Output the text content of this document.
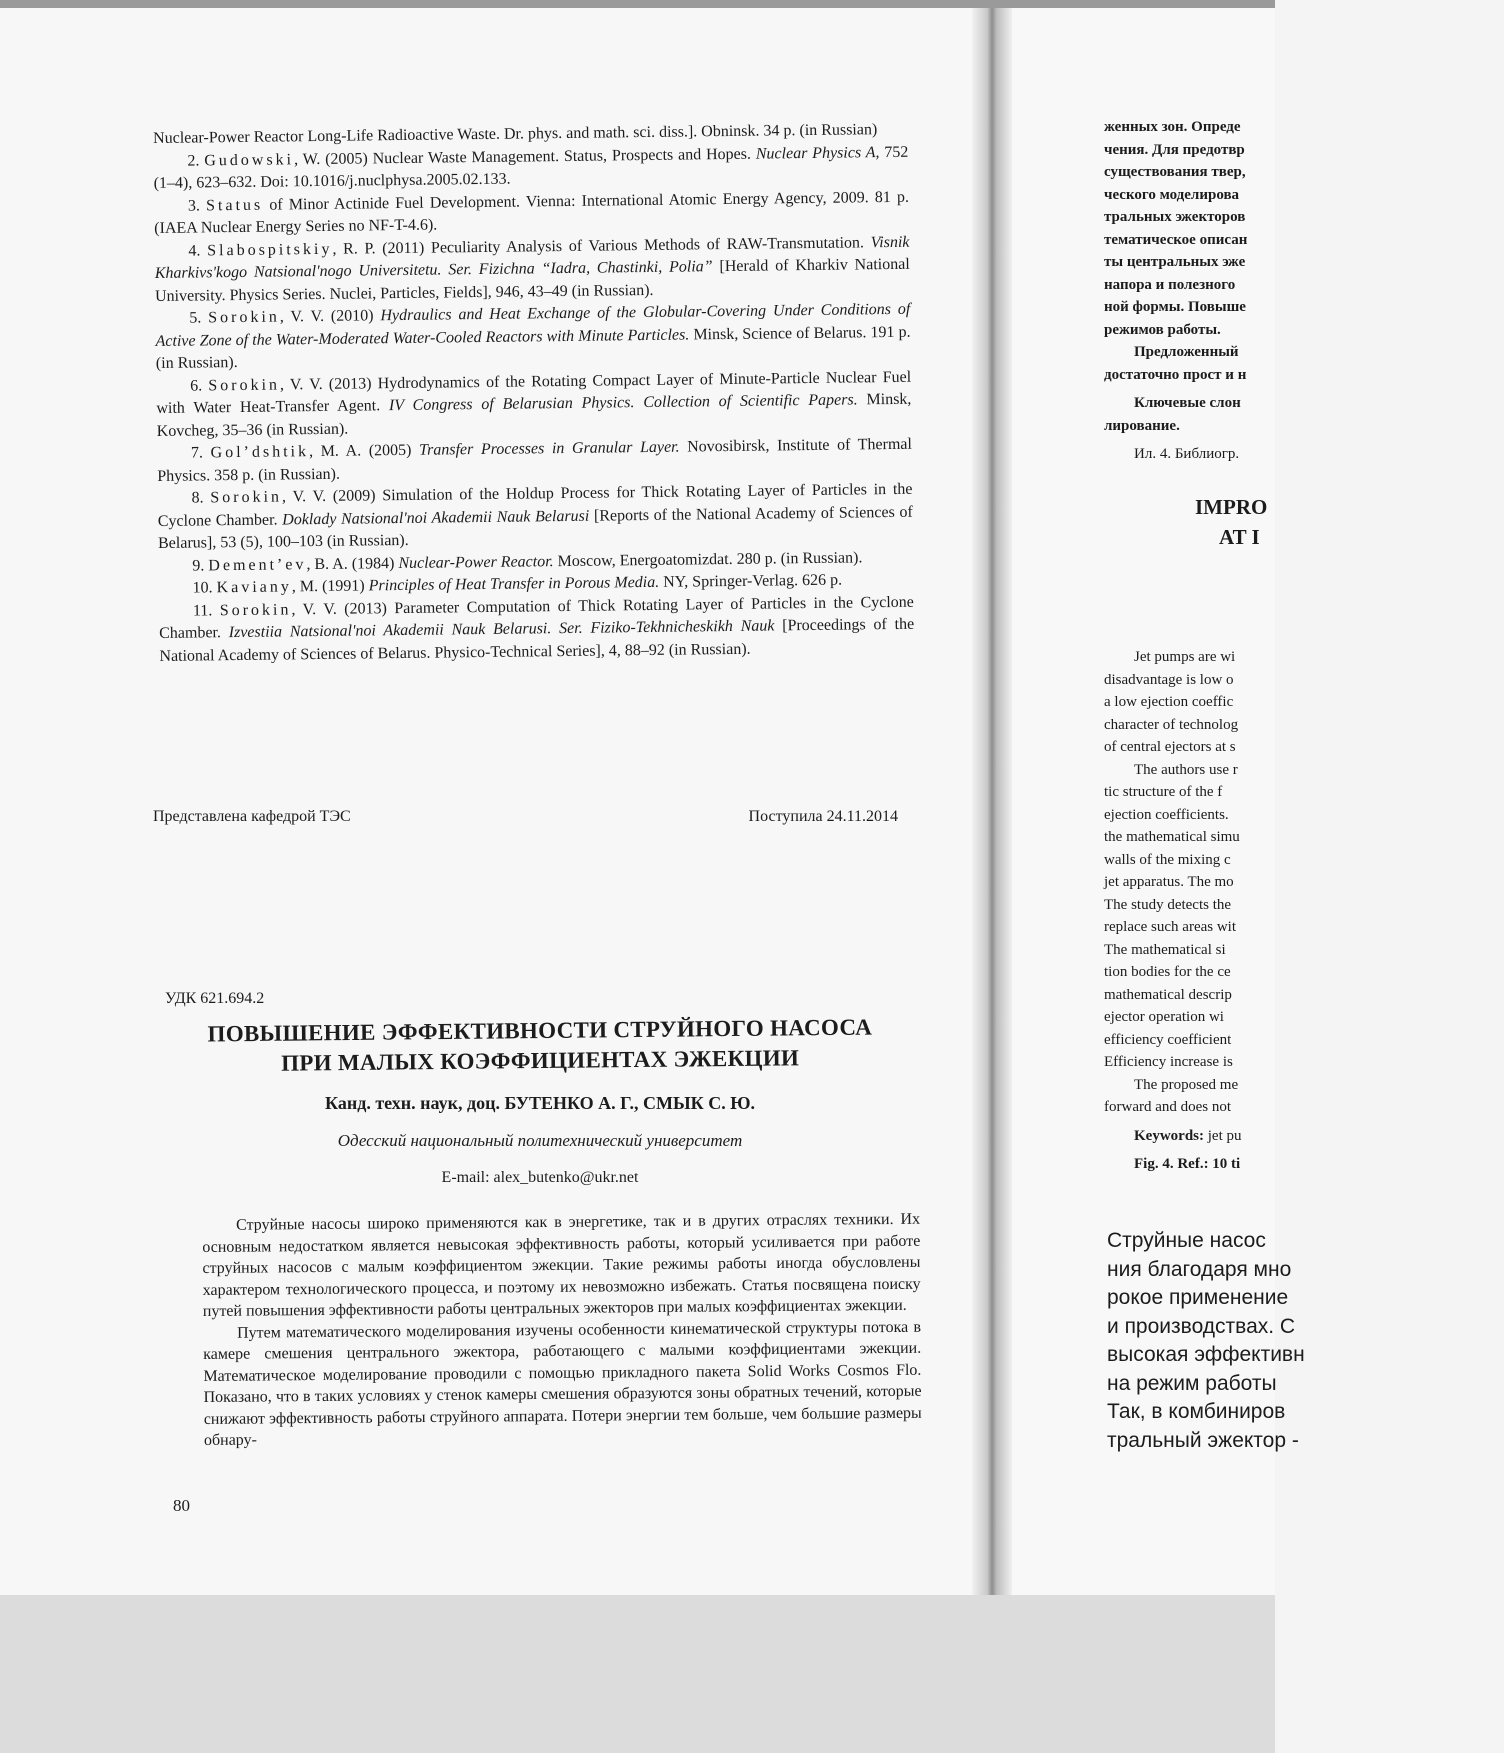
Nuclear-Power Reactor Long-Life Radioactive Waste. Dr. phys. and math. sci. diss.]. Obninsk. 34 p. (in Russian)

2. Gudowski, W. (2005) Nuclear Waste Management. Status, Prospects and Hopes. Nuclear Physics A, 752 (1–4), 623–632. Doi: 10.1016/j.nuclphysa.2005.02.133.

3. Status of Minor Actinide Fuel Development. Vienna: International Atomic Energy Agency, 2009. 81 p. (IAEA Nuclear Energy Series no NF-T-4.6).

4. Slabospitskiy, R. P. (2011) Peculiarity Analysis of Various Methods of RAW-Transmutation. Visnik Kharkivs'kogo Natsional'nogo Universitetu. Ser. Fizichna “Iadra, Chastinki, Polia” [Herald of Kharkiv National University. Physics Series. Nuclei, Particles, Fields], 946, 43–49 (in Russian).

5. Sorokin, V. V. (2010) Hydraulics and Heat Exchange of the Globular-Covering Under Conditions of Active Zone of the Water-Moderated Water-Cooled Reactors with Minute Particles. Minsk, Science of Belarus. 191 p. (in Russian).

6. Sorokin, V. V. (2013) Hydrodynamics of the Rotating Compact Layer of Minute-Particle Nuclear Fuel with Water Heat-Transfer Agent. IV Congress of Belarusian Physics. Collection of Scientific Papers. Minsk, Kovcheg, 35–36 (in Russian).

7. Gol’dshtik, M. A. (2005) Transfer Processes in Granular Layer. Novosibirsk, Institute of Thermal Physics. 358 p. (in Russian).

8. Sorokin, V. V. (2009) Simulation of the Holdup Process for Thick Rotating Layer of Particles in the Cyclone Chamber. Doklady Natsional'noi Akademii Nauk Belarusi [Reports of the National Academy of Sciences of Belarus], 53 (5), 100–103 (in Russian).

9. Dement’ev, B. A. (1984) Nuclear-Power Reactor. Moscow, Energoatomizdat. 280 p. (in Russian).

10. Kaviany, M. (1991) Principles of Heat Transfer in Porous Media. NY, Springer-Verlag. 626 p.

11. Sorokin, V. V. (2013) Parameter Computation of Thick Rotating Layer of Particles in the Cyclone Chamber. Izvestiia Natsional'noi Akademii Nauk Belarusi. Ser. Fiziko-Tekhnicheskikh Nauk [Proceedings of the National Academy of Sciences of Belarus. Physico-Technical Series], 4, 88–92 (in Russian).

Представлена кафедрой ТЭС	Поступила 24.11.2014
УДК 621.694.2
ПОВЫШЕНИЕ ЭФФЕКТИВНОСТИ СТРУЙНОГО НАСОСА
ПРИ МАЛЫХ КОЭФФИЦИЕНТАХ ЭЖЕКЦИИ
Канд. техн. наук, доц. БУТЕНКО А. Г., СМЫК С. Ю.
Одесский национальный политехнический университет
E-mail: alex_butenko@ukr.net

Струйные насосы широко применяются как в энергетике, так и в других отраслях техники. Их основным недостатком является невысокая эффективность работы, который усиливается при работе струйных насосов с малым коэффициентом эжекции. Такие режимы работы иногда обусловлены характером технологического процесса, и поэтому их невозможно избежать. Статья посвящена поиску путей повышения эффективности работы центральных эжекторов при малых коэффициентах эжекции.

Путем математического моделирования изучены особенности кинематической структуры потока в камере смешения центрального эжектора, работающего с малыми коэффициентами эжекции. Математическое моделирование проводили с помощью прикладного пакета Solid Works Cosmos Flo. Показано, что в таких условиях у стенок камеры смешения образуются зоны обратных течений, которые снижают эффективность работы струйного аппарата. Потери энергии тем больше, чем большие размеры обнару-

80
женных зон. Опреде
чения. Для предотвр
существования твер,
ческого моделирова
тральных эжекторов
тематическое описан
ты центральных эже
напора и полезного
ной формы. Повыше
режимов работы.
Предложенный
достаточно прост и н
Ключевые слон
лирование.
Ил. 4. Библиогр.
IMPRO
AT I
Jet pumps are wi
disadvantage is low o
a low ejection coeffic
character of technolog
of central ejectors at s
The authors use r
tic structure of the f
ejection coefficients.
the mathematical simu
walls of the mixing c
jet apparatus. The mo
The study detects the
replace such areas wit
The mathematical si
tion bodies for the ce
mathematical descrip
ejector operation wi
efficiency coefficient
Efficiency increase is
The proposed me
forward and does not
Keywords: jet pu
Fig. 4. Ref.: 10 ti
Струйные насос
ния благодаря мно
рокое применение
и производствах. С
высокая эффективн
на режим работы
Так, в комбиниров
тральный эжектор -
